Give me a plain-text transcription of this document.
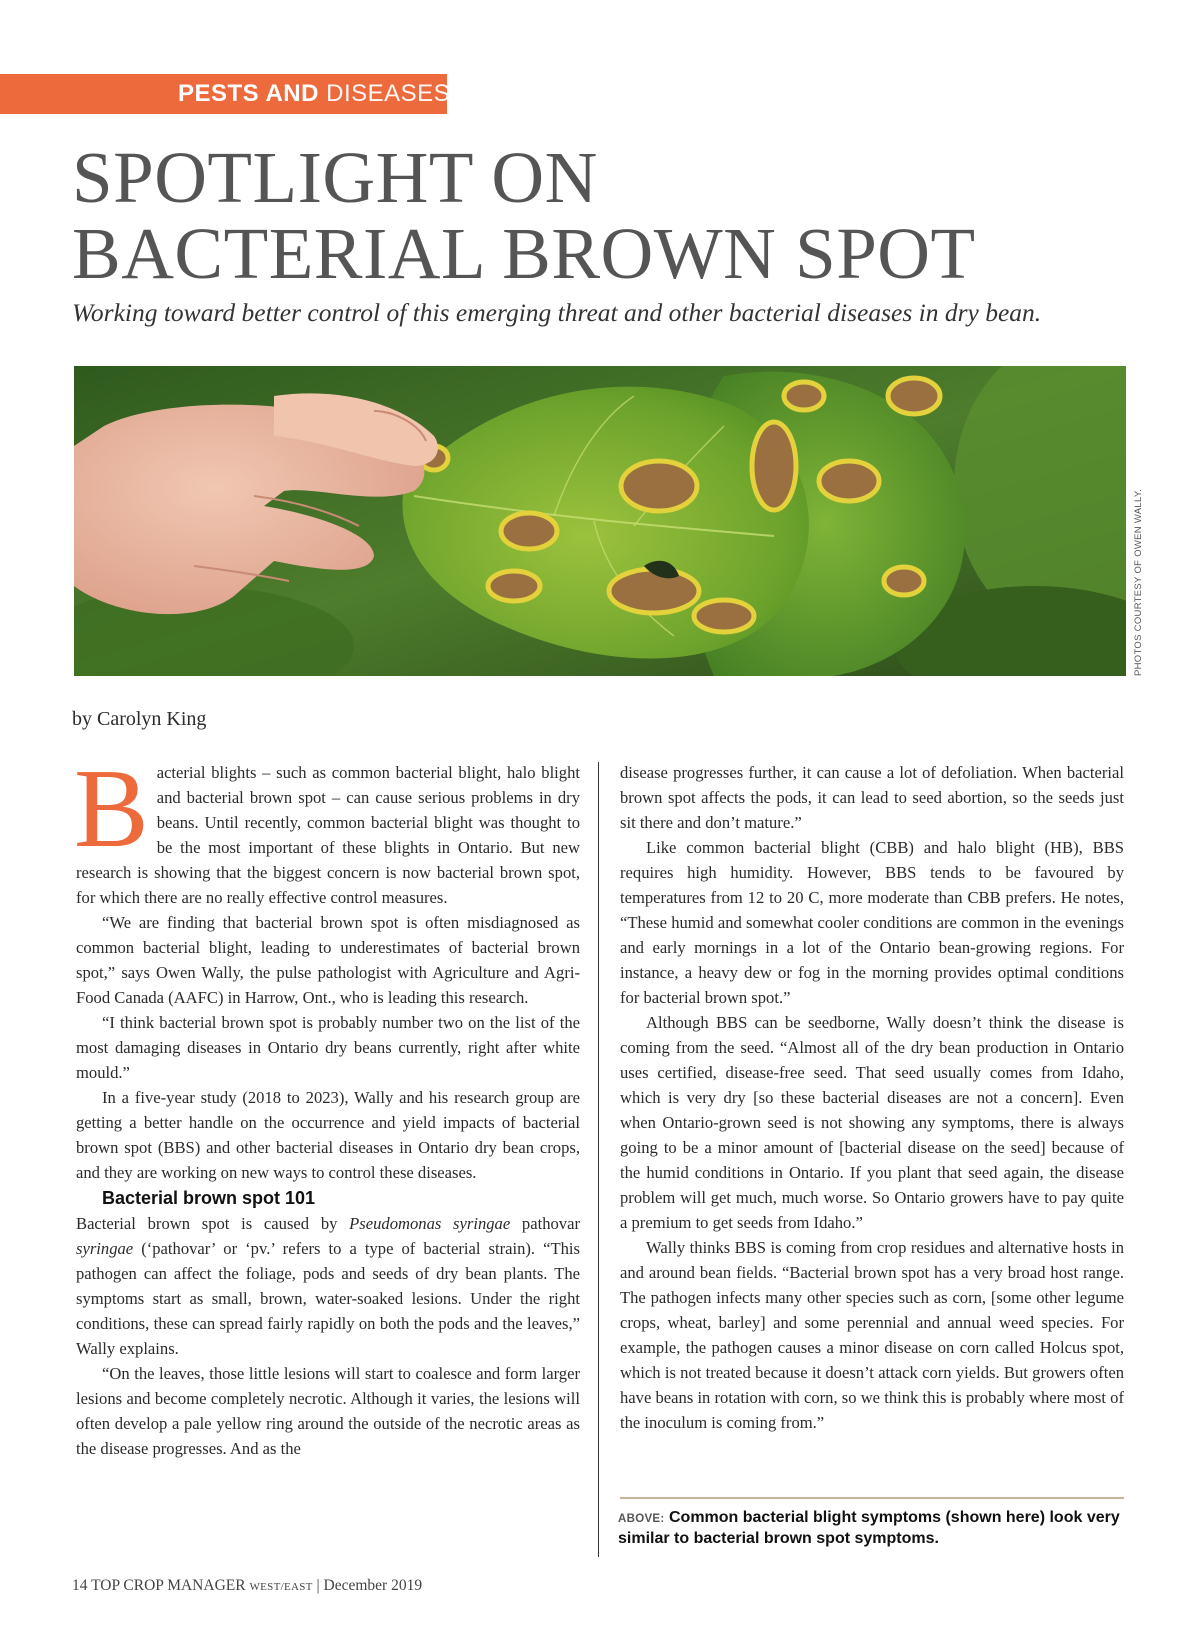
PESTS AND DISEASES
SPOTLIGHT ON
BACTERIAL BROWN SPOT

Working toward better control of this emerging threat and other bacterial diseases in dry bean.

PHOTOS COURTESY OF OWEN WALLY.

by Carolyn King

Bacterial blights – such as common bacterial blight, halo blight and bacterial brown spot – can cause serious problems in dry beans. Until recently, common bacterial blight was thought to be the most important of these blights in Ontario. But new research is showing that the biggest concern is now bacterial brown spot, for which there are no really effective control measures.

“We are finding that bacterial brown spot is often misdiagnosed as common bacterial blight, leading to underestimates of bacterial brown spot,” says Owen Wally, the pulse pathologist with Agriculture and Agri-Food Canada (AAFC) in Harrow, Ont., who is leading this research.

“I think bacterial brown spot is probably number two on the list of the most damaging diseases in Ontario dry beans currently, right after white mould.”

In a five-year study (2018 to 2023), Wally and his research group are getting a better handle on the occurrence and yield impacts of bacterial brown spot (BBS) and other bacterial diseases in Ontario dry bean crops, and they are working on new ways to control these diseases.

Bacterial brown spot 101

Bacterial brown spot is caused by Pseudomonas syringae pathovar syringae (‘pathovar’ or ‘pv.’ refers to a type of bacterial strain). “This pathogen can affect the foliage, pods and seeds of dry bean plants. The symptoms start as small, brown, water-soaked lesions. Under the right conditions, these can spread fairly rapidly on both the pods and the leaves,” Wally explains.

“On the leaves, those little lesions will start to coalesce and form larger lesions and become completely necrotic. Although it varies, the lesions will often develop a pale yellow ring around the outside of the necrotic areas as the disease progresses. And as the

disease progresses further, it can cause a lot of defoliation. When bacterial brown spot affects the pods, it can lead to seed abortion, so the seeds just sit there and don’t mature.”

Like common bacterial blight (CBB) and halo blight (HB), BBS requires high humidity. However, BBS tends to be favoured by temperatures from 12 to 20 C, more moderate than CBB prefers. He notes, “These humid and somewhat cooler conditions are common in the evenings and early mornings in a lot of the Ontario bean-growing regions. For instance, a heavy dew or fog in the morning provides optimal conditions for bacterial brown spot.”

Although BBS can be seedborne, Wally doesn’t think the disease is coming from the seed. “Almost all of the dry bean production in Ontario uses certified, disease-free seed. That seed usually comes from Idaho, which is very dry [so these bacterial diseases are not a concern]. Even when Ontario-grown seed is not showing any symptoms, there is always going to be a minor amount of [bacterial disease on the seed] because of the humid conditions in Ontario. If you plant that seed again, the disease problem will get much, much worse. So Ontario growers have to pay quite a premium to get seeds from Idaho.”

Wally thinks BBS is coming from crop residues and alternative hosts in and around bean fields. “Bacterial brown spot has a very broad host range. The pathogen infects many other species such as corn, [some other legume crops, wheat, barley] and some perennial and annual weed species. For example, the pathogen causes a minor disease on corn called Holcus spot, which is not treated because it doesn’t attack corn yields. But growers often have beans in rotation with corn, so we think this is probably where most of the inoculum is coming from.”

ABOVE: Common bacterial blight symptoms (shown here) look very similar to bacterial brown spot symptoms.
14 TOP CROP MANAGER WEST/EAST | December 2019
